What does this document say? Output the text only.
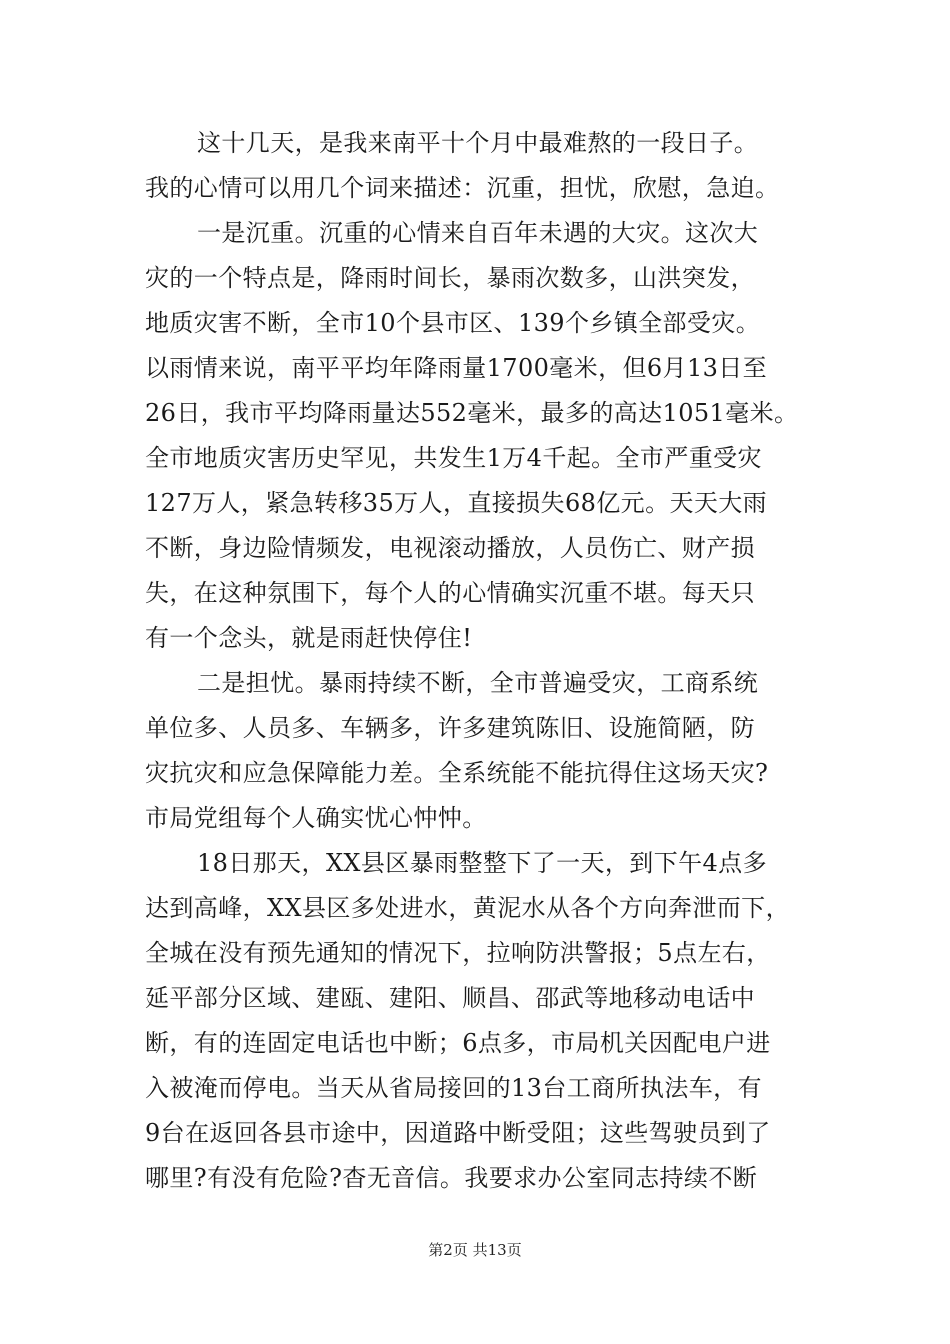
这十几天，是我来南平十个月中最难熬的一段日子。
我的心情可以用几个词来描述：沉重，担忧，欣慰，急迫。
一是沉重。沉重的心情来自百年未遇的大灾。这次大
灾的一个特点是，降雨时间长，暴雨次数多，山洪突发，
地质灾害不断，全市10个县市区、139个乡镇全部受灾。
以雨情来说，南平平均年降雨量1700毫米，但6月13日至
26日，我市平均降雨量达552毫米，最多的高达1051毫米。
全市地质灾害历史罕见，共发生1万4千起。全市严重受灾
127万人，紧急转移35万人，直接损失68亿元。天天大雨
不断，身边险情频发，电视滚动播放，人员伤亡、财产损
失，在这种氛围下，每个人的心情确实沉重不堪。每天只
有一个念头，就是雨赶快停住!
二是担忧。暴雨持续不断，全市普遍受灾，工商系统
单位多、人员多、车辆多，许多建筑陈旧、设施简陋，防
灾抗灾和应急保障能力差。全系统能不能抗得住这场天灾?
市局党组每个人确实忧心忡忡。
18日那天，XX县区暴雨整整下了一天，到下午4点多
达到高峰，XX县区多处进水，黄泥水从各个方向奔泄而下，
全城在没有预先通知的情况下，拉响防洪警报；5点左右，
延平部分区域、建瓯、建阳、顺昌、邵武等地移动电话中
断，有的连固定电话也中断；6点多，市局机关因配电户进
入被淹而停电。当天从省局接回的13台工商所执法车，有
9台在返回各县市途中，因道路中断受阻；这些驾驶员到了
哪里?有没有危险?杳无音信。我要求办公室同志持续不断
第2页 共13页
